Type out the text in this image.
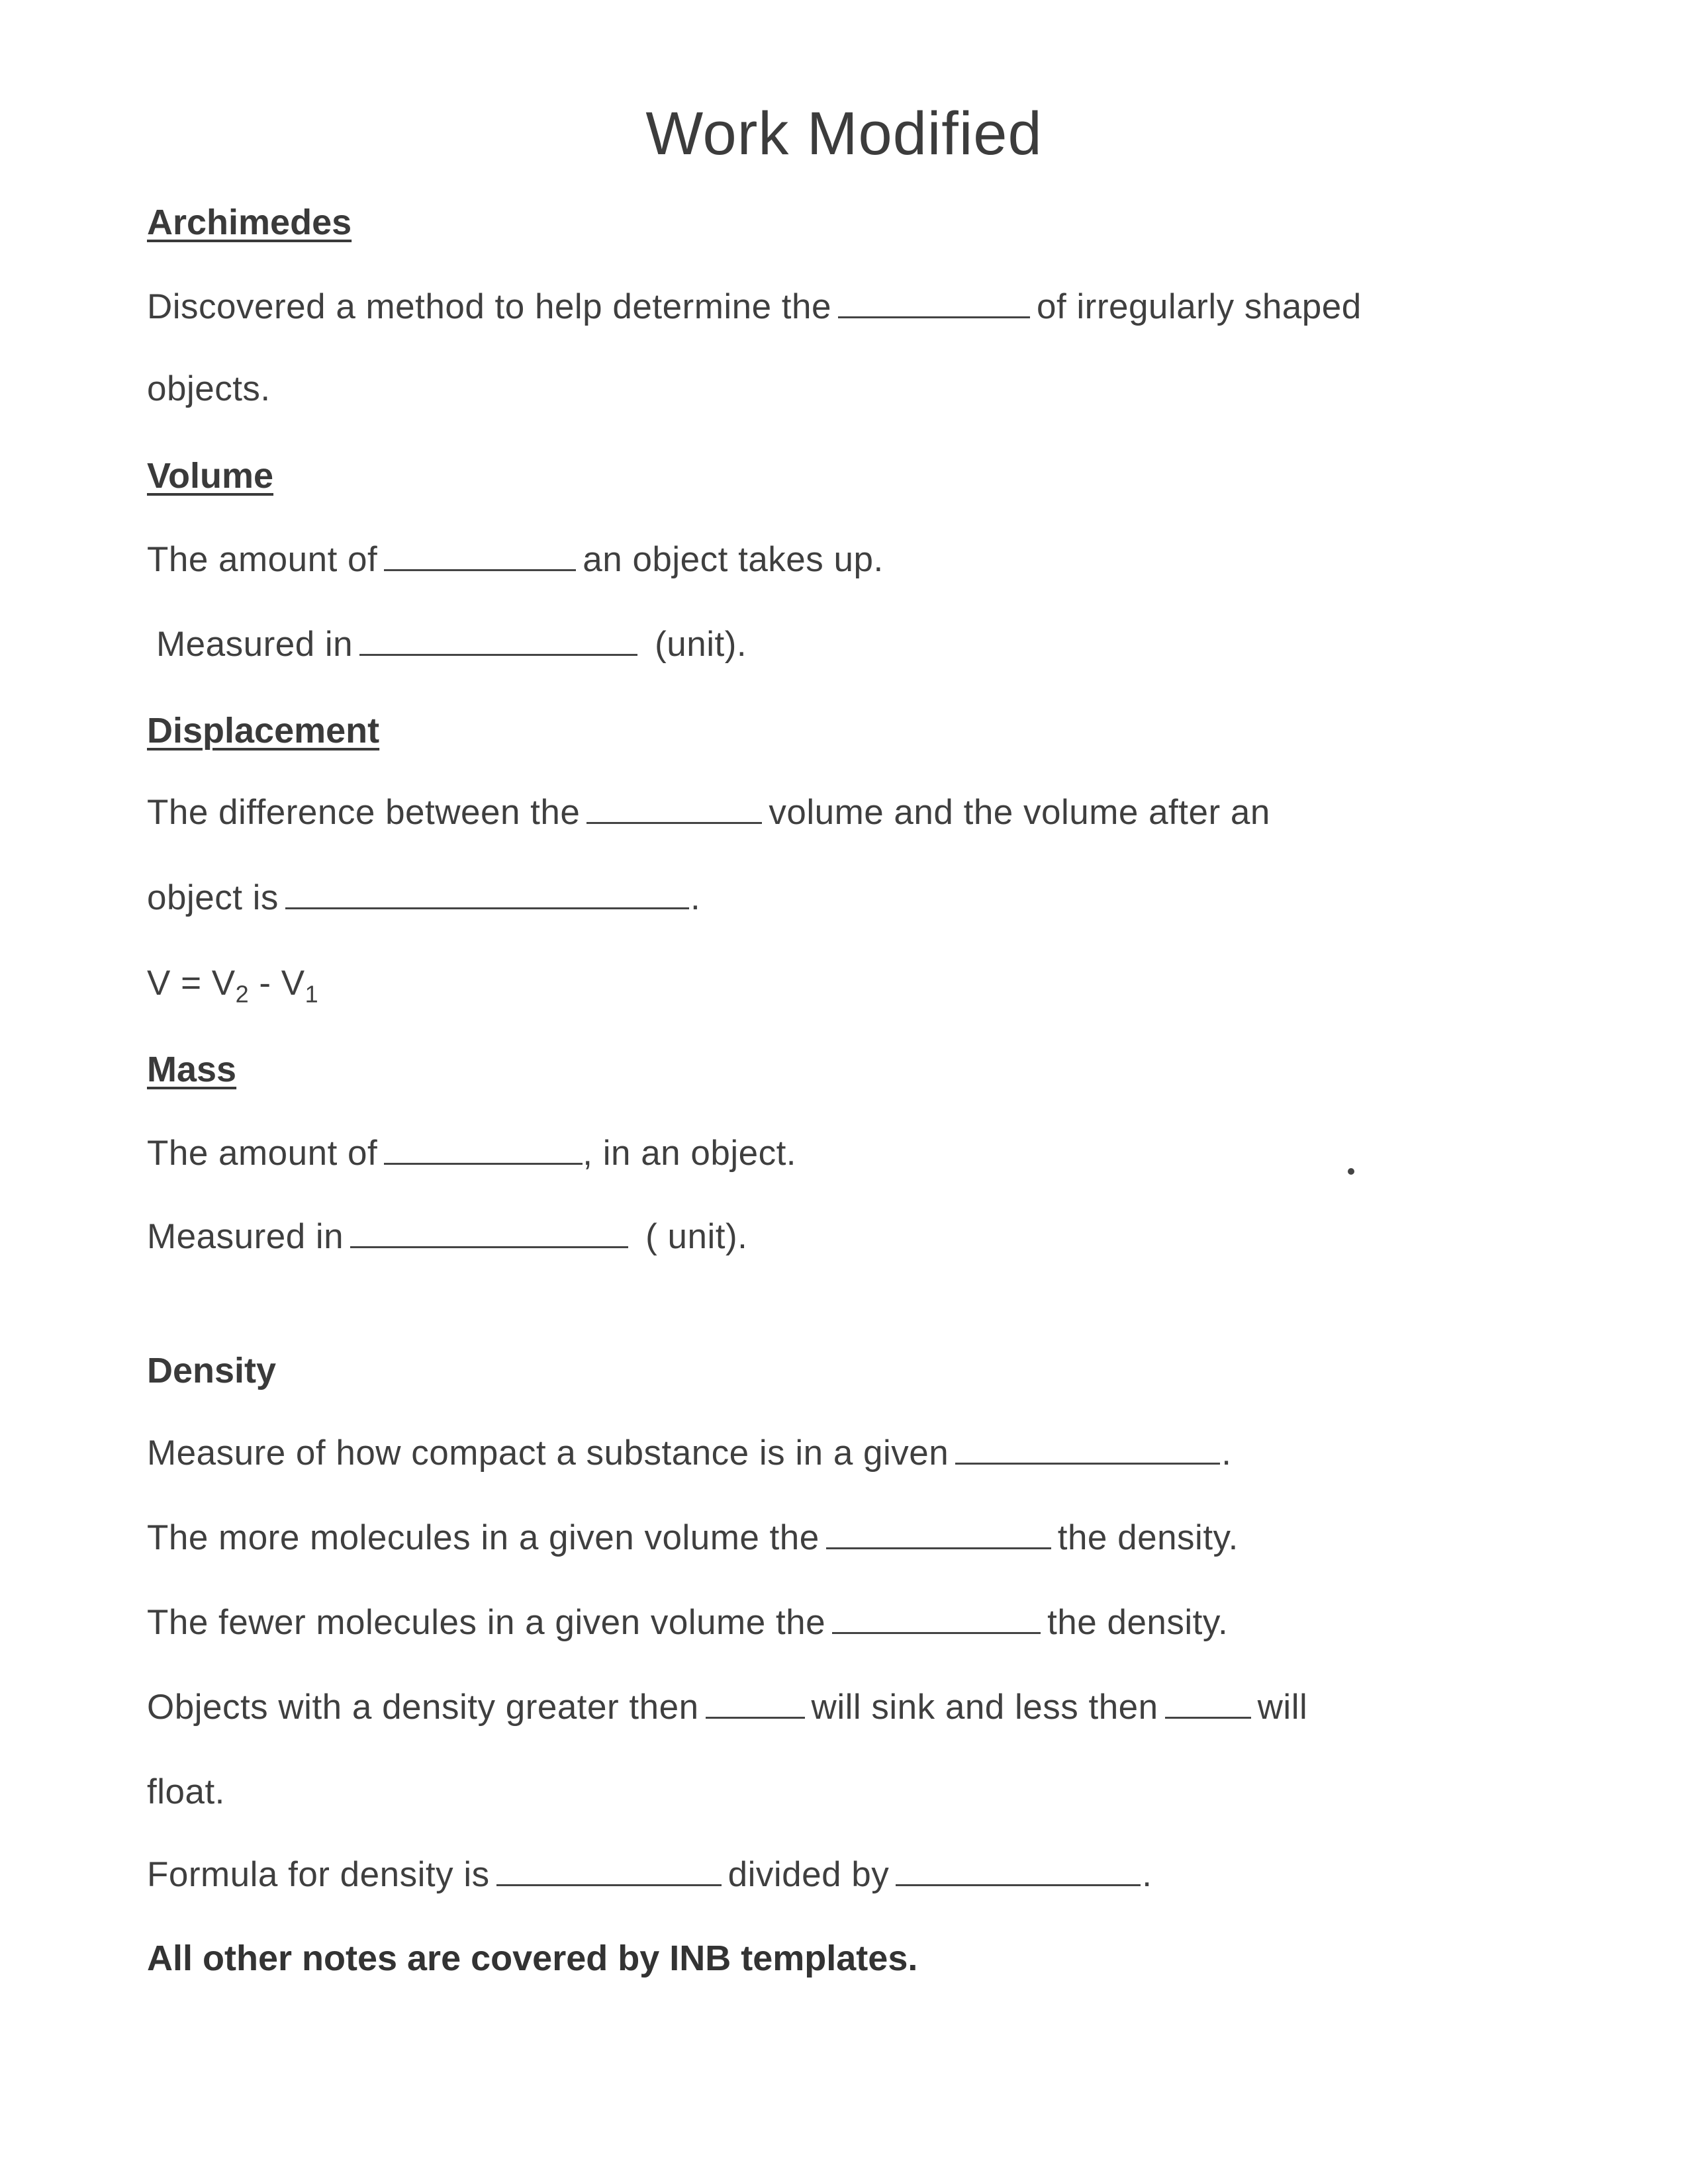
Work Modified
Archimedes
Discovered a method to help determine the	of irregularly shaped
objects.
Volume
The amount of	an object takes up.
Measured in	(unit).
Displacement
The difference between the	volume and the volume after an
object is	.
$V = V_2 - V_1$
Mass
The amount of	, in an object.
Measured in	( unit).
Density
Measure of how compact a substance is in a given	.
The more molecules in a given volume the	the density.
The fewer molecules in a given volume the	the density.
Objects with a density greater then	will sink and less then	will
float.
Formula for density is	divided by	.
All other notes are covered by INB templates.
